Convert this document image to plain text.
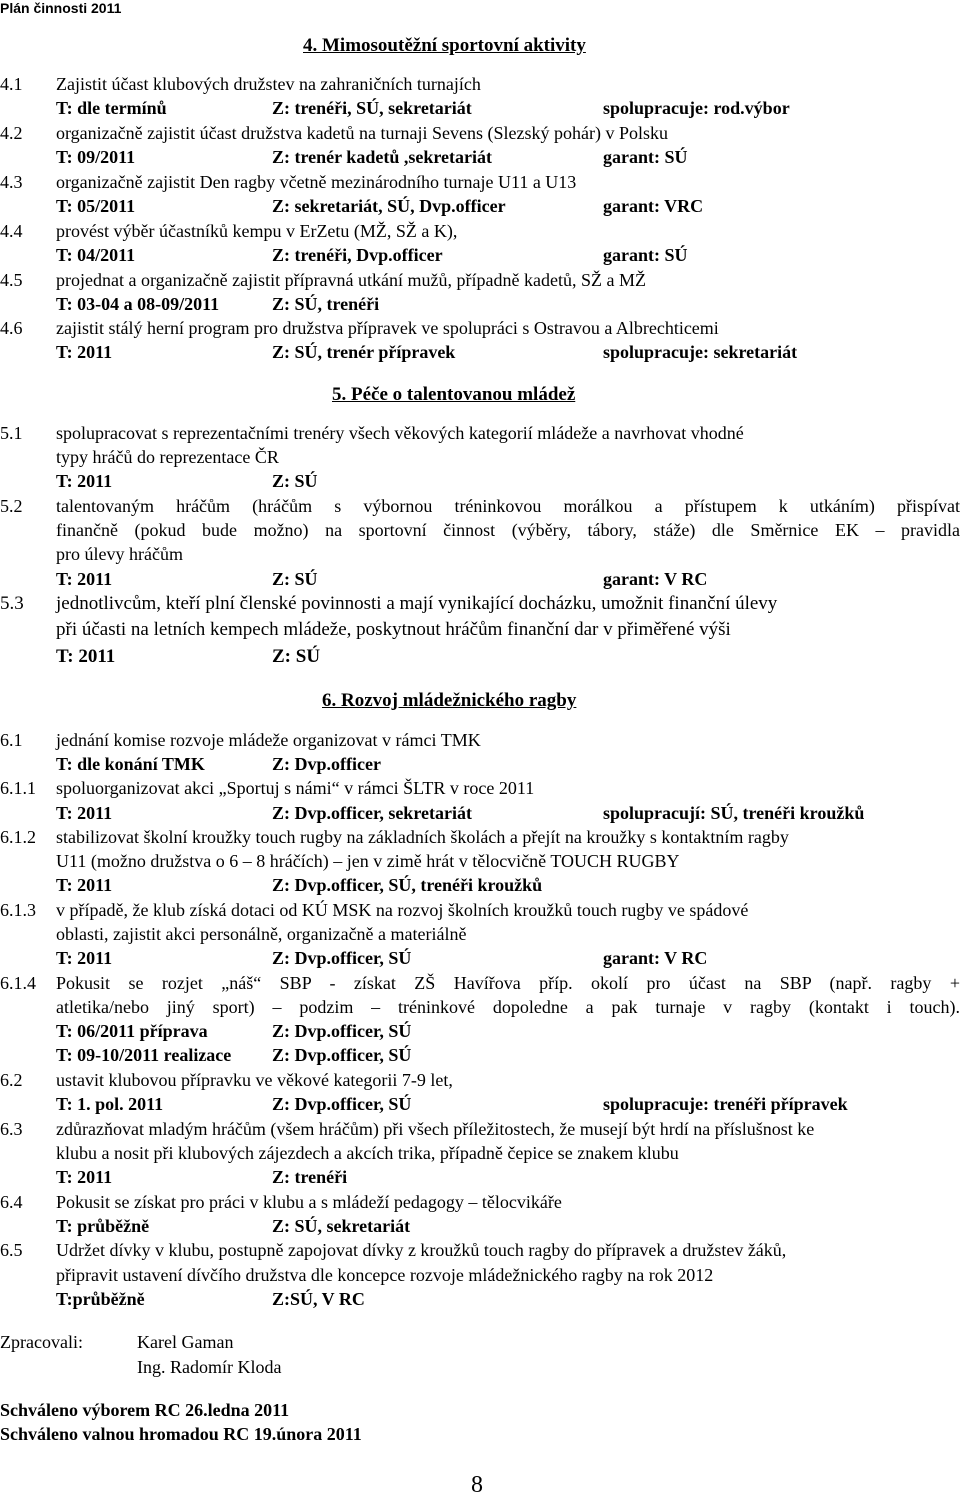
Plán činnosti 2011
4. Mimosoutěžní sportovní aktivity
5. Péče o talentovanou mládež
6. Rozvoj mládežnického ragby
4.1 Zajistit účast klubových družstev na zahraničních turnajích
T: dle termínů	Z: trenéři, SÚ, sekretariát	spolupracuje: rod.výbor
4.2 organizačně zajistit účast družstva kadetů na turnaji Sevens (Slezský pohár) v Polsku
T: 09/2011	Z: trenér kadetů ,sekretariát	garant: SÚ
4.3 organizačně zajistit Den ragby včetně mezinárodního turnaje U11 a U13
T: 05/2011	Z: sekretariát, SÚ, Dvp.officer	garant: VRC
4.4 provést výběr účastníků kempu v ErZetu (MŽ, SŽ a K),
T: 04/2011	Z: trenéři, Dvp.officer	garant: SÚ
4.5 projednat a organizačně zajistit přípravná utkání mužů, případně kadetů, SŽ a MŽ
T: 03-04 a 08-09/2011	Z: SÚ, trenéři
4.6 zajistit stálý herní program pro družstva přípravek ve spolupráci s Ostravou a Albrechticemi
T: 2011	Z: SÚ, trenér přípravek	spolupracuje: sekretariát
5.1 spolupracovat s reprezentačními trenéry všech věkových kategorií mládeže a navrhovat vhodné
typy hráčů do reprezentace ČR
T: 2011	Z: SÚ
5.2 talentovaným hráčům (hráčům s výbornou tréninkovou morálkou a přístupem k utkáním) přispívat
finančně (pokud bude možno) na sportovní činnost (výběry, tábory, stáže) dle Směrnice EK – pravidla
pro úlevy hráčům
T: 2011	Z: SÚ	garant: V RC
5.3 jednotlivcům, kteří plní členské povinnosti a mají vynikající docházku, umožnit finanční úlevy
při účasti na letních kempech mládeže, poskytnout hráčům finanční dar v přiměřené výši
T: 2011	Z: SÚ
6.1 jednání komise rozvoje mládeže organizovat v rámci TMK
T: dle konání TMK	Z: Dvp.officer
6.1.1 spoluorganizovat akci „Sportuj s námi“ v rámci ŠLTR v roce 2011
T: 2011	Z: Dvp.officer, sekretariát	spolupracují: SÚ, trenéři kroužků
6.1.2 stabilizovat školní kroužky touch rugby na základních školách a přejít na kroužky s kontaktním ragby
U11 (možno družstva o 6 – 8 hráčích) – jen v zimě hrát v tělocvičně TOUCH RUGBY
T: 2011	Z: Dvp.officer, SÚ, trenéři kroužků
6.1.3 v případě, že klub získá dotaci od KÚ MSK na rozvoj školních kroužků touch rugby ve spádové
oblasti, zajistit akci personálně, organizačně a materiálně
T: 2011	Z: Dvp.officer, SÚ	garant: V RC
6.1.4 Pokusit se rozjet „náš“ SBP - získat ZŠ Havířova příp. okolí pro účast na SBP (např. ragby +
atletika/nebo jiný sport) – podzim – tréninkové dopoledne a pak turnaje v ragby (kontakt i touch).
T: 06/2011 příprava	Z: Dvp.officer, SÚ
T: 09-10/2011 realizace Z: Dvp.officer, SÚ
6.2 ustavit klubovou přípravku ve věkové kategorii 7-9 let,
T: 1. pol. 2011	Z: Dvp.officer, SÚ	spolupracuje: trenéři přípravek
6.3 zdůrazňovat mladým hráčům (všem hráčům) při všech příležitostech, že musejí být hrdí na příslušnost ke
klubu a nosit při klubových zájezdech a akcích trika, případně čepice se znakem klubu
T: 2011	Z: trenéři
6.4 Pokusit se získat pro práci v klubu a s mládeží pedagogy – tělocvikáře
T: průběžně	Z: SÚ, sekretariát
6.5 Udržet dívky v klubu, postupně zapojovat dívky z kroužků touch ragby do přípravek a družstev žáků,
připravit ustavení dívčího družstva dle koncepce rozvoje mládežnického ragby na rok 2012
T:průběžně	Z:SÚ, V RC
Zpracovali:	Karel Gaman
Ing. Radomír Kloda
Schváleno výborem RC 26.ledna 2011
Schváleno valnou hromadou RC 19.února 2011
8
